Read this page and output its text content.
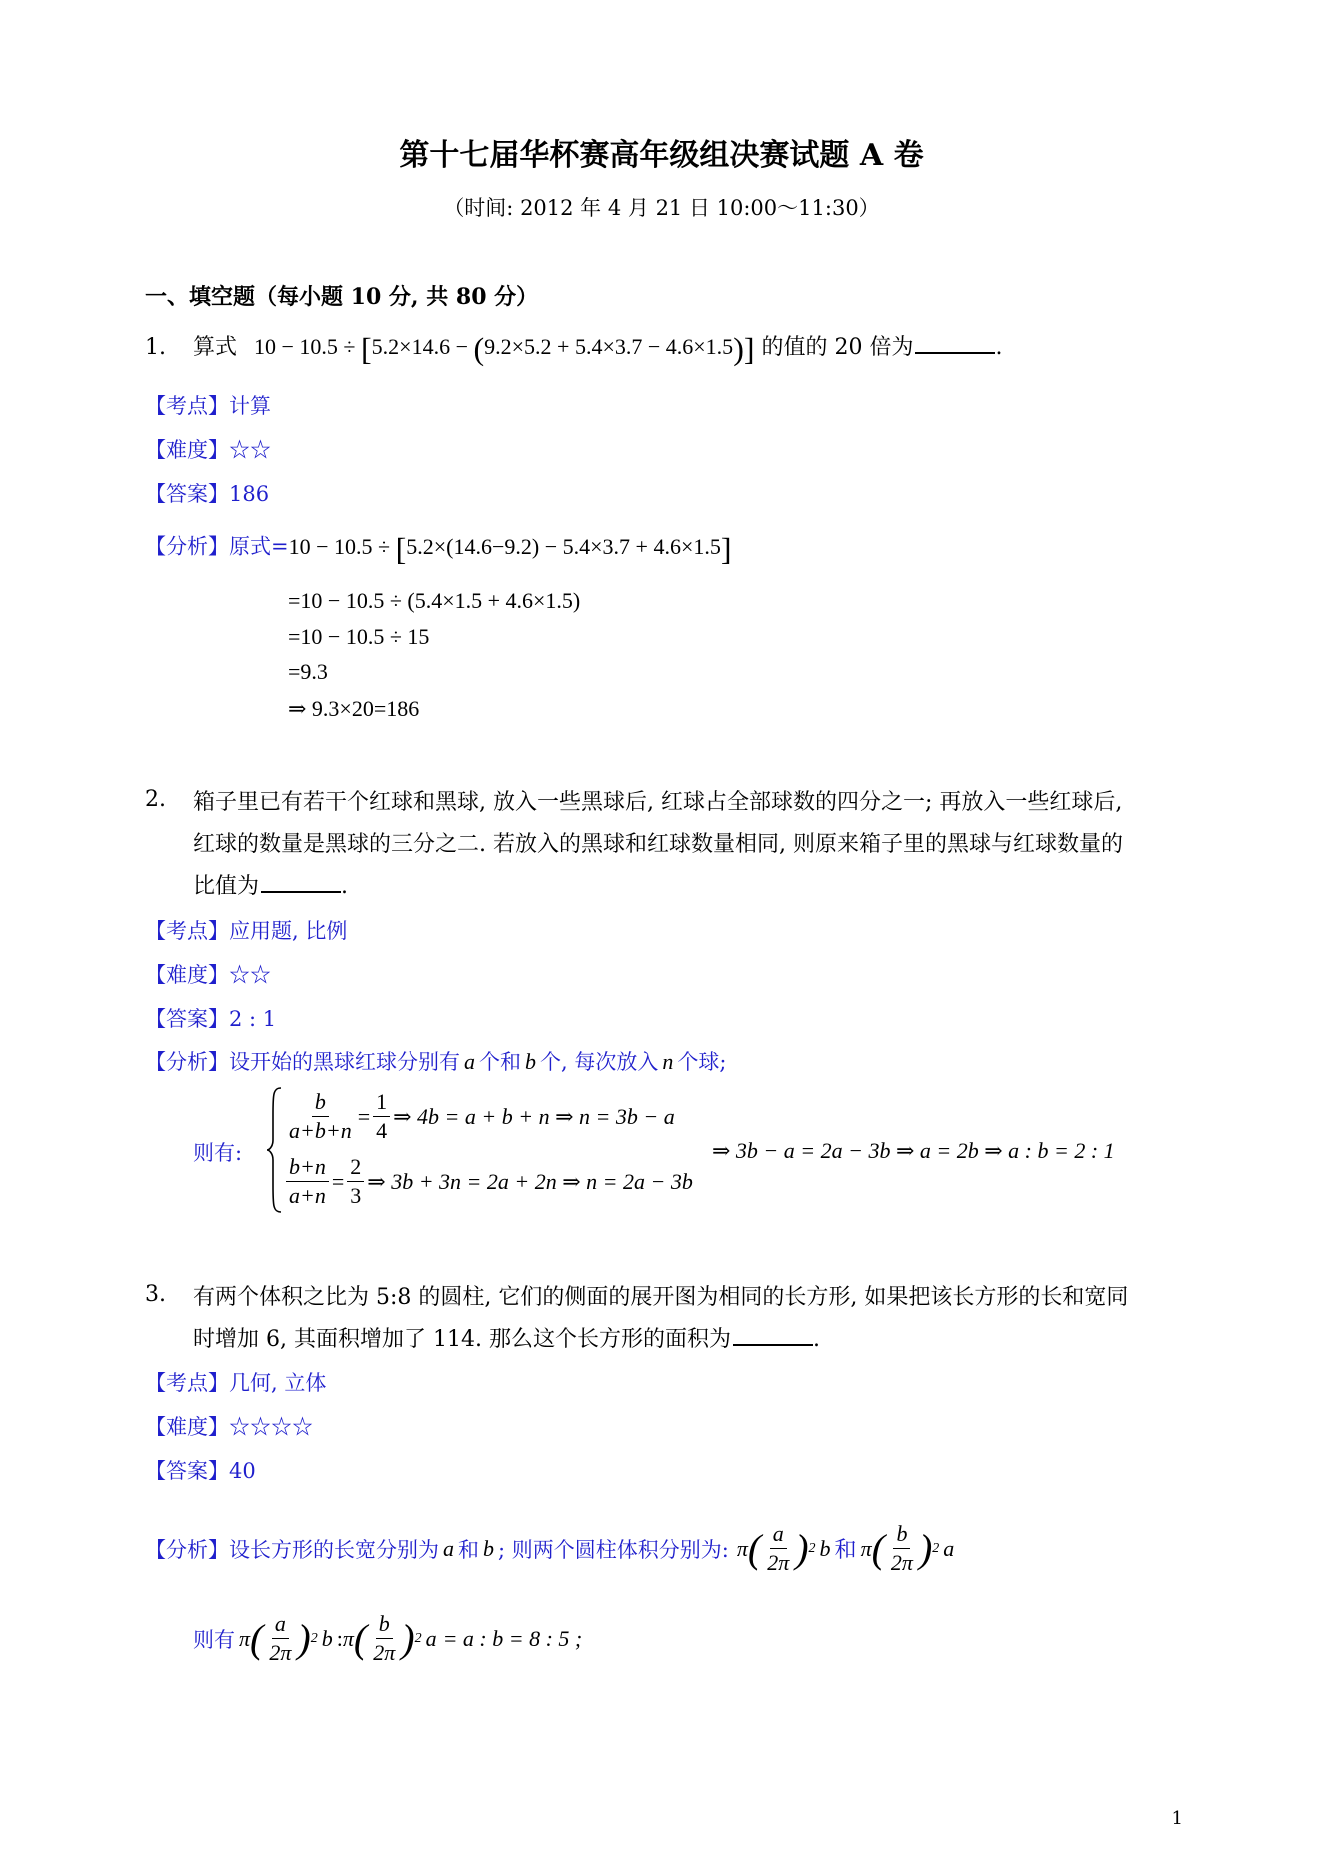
第十七届华杯赛高年级组决赛试题 A 卷
（时间: 2012 年 4 月 21 日 10:00～11:30）
一、填空题（每小题 10 分, 共 80 分）
1. 算式 10 − 10.5 ÷ [5.2×14.6 − (9.2×5.2 + 5.4×3.7 − 4.6×1.5)] 的值的 20 倍为	.
【考点】计算
【难度】☆☆
【答案】186
【分析】原式=10 − 10.5 ÷ [5.2×(14.6−9.2) − 5.4×3.7 + 4.6×1.5]
=10 − 10.5 ÷ (5.4×1.5 + 4.6×1.5)
=10 − 10.5 ÷ 15
=9.3
⇒ 9.3×20=186
2. 箱子里已有若干个红球和黑球, 放入一些黑球后, 红球占全部球数的四分之一; 再放入一些红球后,
红球的数量是黑球的三分之二. 若放入的黑球和红球数量相同, 则原来箱子里的黑球与红球数量的
比值为	.
【考点】应用题, 比例
【难度】☆☆
【答案】2 : 1
【分析】设开始的黑球红球分别有 a 个和 b 个, 每次放入 n 个球;
则有:
$\frac{b}{a+b+n} = \frac{1}{4}$ ⇒ 4b = a + b + n ⇒ n = 3b − a
$\frac{b+n}{a+n} = \frac{2}{3}$ ⇒ 3b + 3n = 2a + 2n ⇒ n = 2a − 3b
⇒ 3b − a = 2a − 3b ⇒ a = 2b ⇒ a : b = 2 : 1
3. 有两个体积之比为 5:8 的圆柱, 它们的侧面的展开图为相同的长方形, 如果把该长方形的长和宽同
时增加 6, 其面积增加了 114. 那么这个长方形的面积为	.
【考点】几何, 立体
【难度】☆☆☆☆
【答案】40
【分析】 设长方形的长宽分别为 a 和 b ; 则两个圆柱体积分别为: π ( $\frac{a}{2\pi}$ ) 2 b 和 π ( $\frac{b}{2\pi}$ ) 2 a
则有 π ( $\frac{a}{2\pi}$ ) 2 b : π ( $\frac{b}{2\pi}$ ) 2 a = a : b = 8 : 5 ;
1
